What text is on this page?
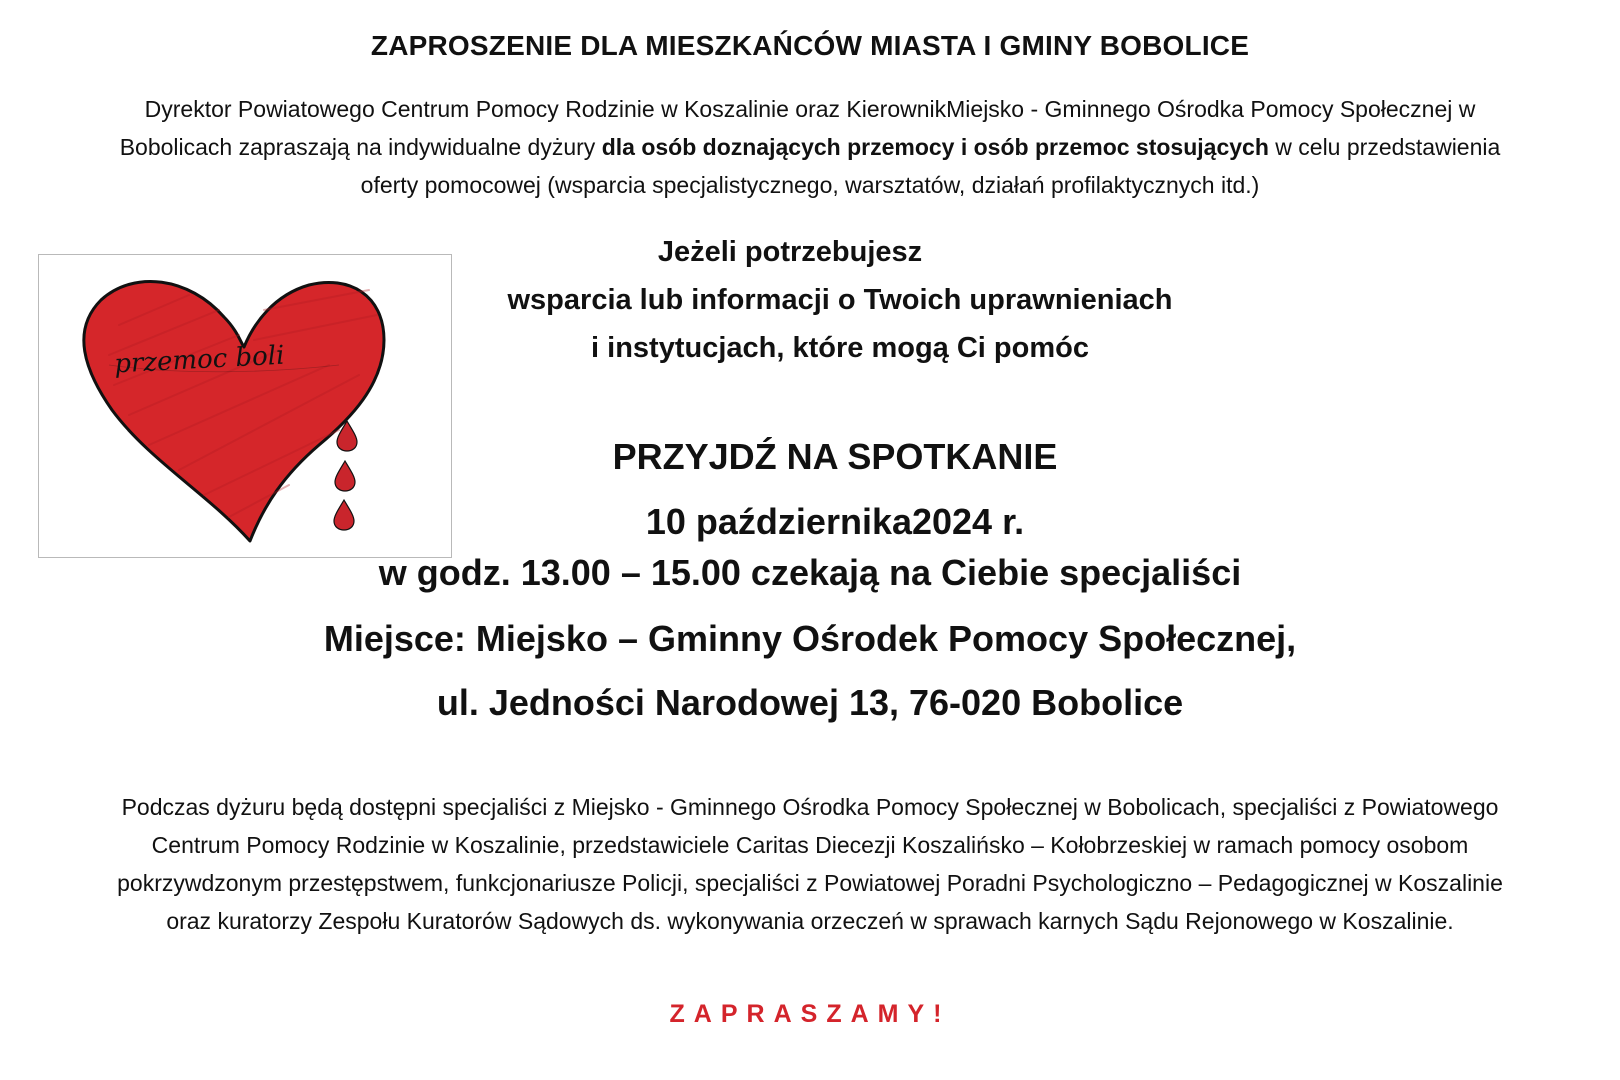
ZAPROSZENIE DLA MIESZKAŃCÓW MIASTA I GMINY BOBOLICE
Dyrektor Powiatowego Centrum Pomocy Rodzinie w Koszalinie oraz KierownikMiejsko - Gminnego Ośrodka Pomocy Społecznej w Bobolicach zapraszają na indywidualne dyżury dla osób doznających przemocy i osób przemoc stosujących w celu przedstawienia oferty pomocowej (wsparcia specjalistycznego, warsztatów, działań profilaktycznych itd.)
przemoc boli
Jeżeli potrzebujesz
wsparcia lub informacji o Twoich uprawnieniach
i instytucjach, które mogą Ci pomóc
PRZYJDŹ NA SPOTKANIE
10 października2024 r.
w godz. 13.00 – 15.00 czekają na Ciebie specjaliści
Miejsce: Miejsko – Gminny Ośrodek Pomocy Społecznej,
ul. Jedności Narodowej 13, 76-020 Bobolice
Podczas dyżuru będą dostępni specjaliści z Miejsko - Gminnego Ośrodka Pomocy Społecznej w Bobolicach, specjaliści z Powiatowego Centrum Pomocy Rodzinie w Koszalinie, przedstawiciele Caritas Diecezji Koszalińsko – Kołobrzeskiej w ramach pomocy osobom pokrzywdzonym przestępstwem, funkcjonariusze Policji, specjaliści z Powiatowej Poradni Psychologiczno – Pedagogicznej w Koszalinie oraz kuratorzy Zespołu Kuratorów Sądowych ds. wykonywania orzeczeń w sprawach karnych Sądu Rejonowego w Koszalinie.
ZAPRASZAMY!
